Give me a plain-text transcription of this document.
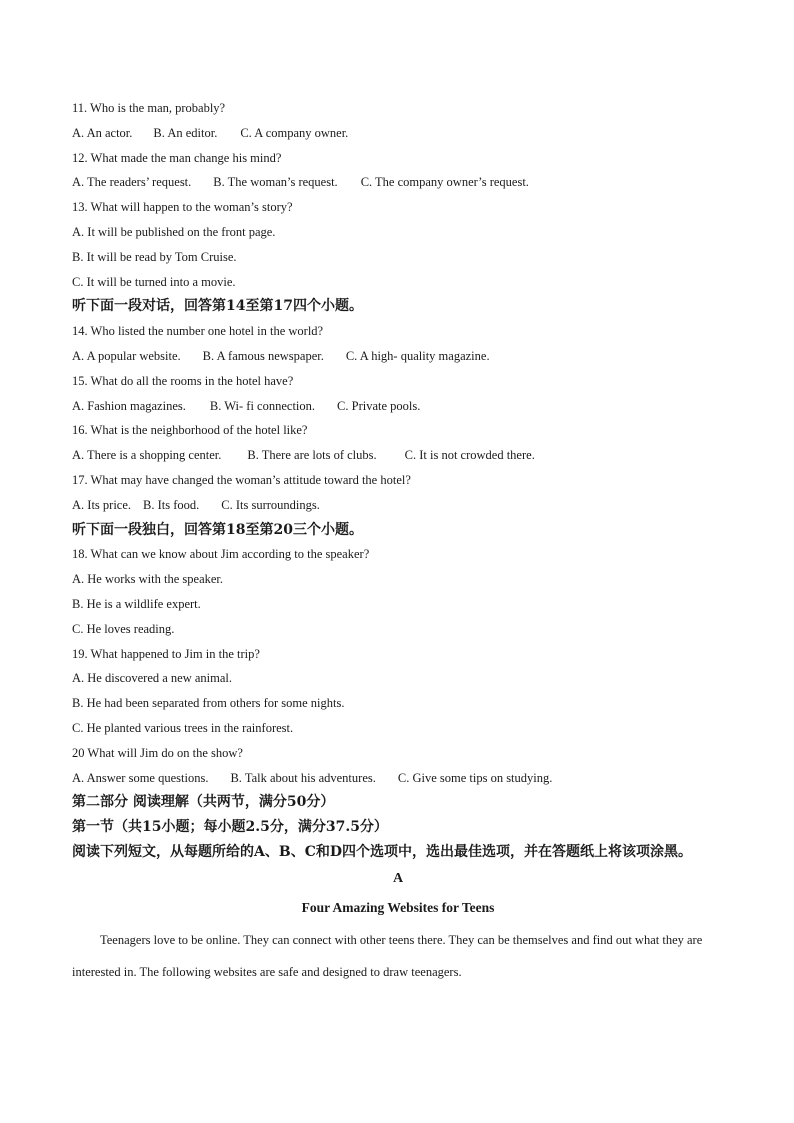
11. Who is the man, probably?
A. An actor. B. An editor. C. A company owner.
12. What made the man change his mind?
A. The readers’ request. B. The woman’s request. C. The company owner’s request.
13. What will happen to the woman’s story?
A. It will be published on the front page.
B. It will be read by Tom Cruise.
C. It will be turned into a movie.
听下面一段对话，回答第14至第17四个小题。
14. Who listed the number one hotel in the world?
A. A popular website. B. A famous newspaper. C. A high- quality magazine.
15. What do all the rooms in the hotel have?
A. Fashion magazines. B. Wi- fi connection. C. Private pools.
16. What is the neighborhood of the hotel like?
A. There is a shopping center. B. There are lots of clubs. C. It is not crowded there.
17. What may have changed the woman’s attitude toward the hotel?
A. Its price. B. Its food. C. Its surroundings.
听下面一段独白，回答第18至第20三个小题。
18. What can we know about Jim according to the speaker?
A. He works with the speaker.
B. He is a wildlife expert.
C. He loves reading.
19. What happened to Jim in the trip?
A. He discovered a new animal.
B. He had been separated from others for some nights.
C. He planted various trees in the rainforest.
20 What will Jim do on the show?
A. Answer some questions. B. Talk about his adventures. C. Give some tips on studying.
第二部分 阅读理解（共两节，满分50分）
第一节（共15小题；每小题2.5分，满分37.5分）
阅读下列短文，从每题所给的A、B、C和D四个选项中，选出最佳选项，并在答题纸上将该项涂黑。
A
Four Amazing Websites for Teens
Teenagers love to be online. They can connect with other teens there. They can be themselves and find out what they are interested in. The following websites are safe and designed to draw teenagers.
